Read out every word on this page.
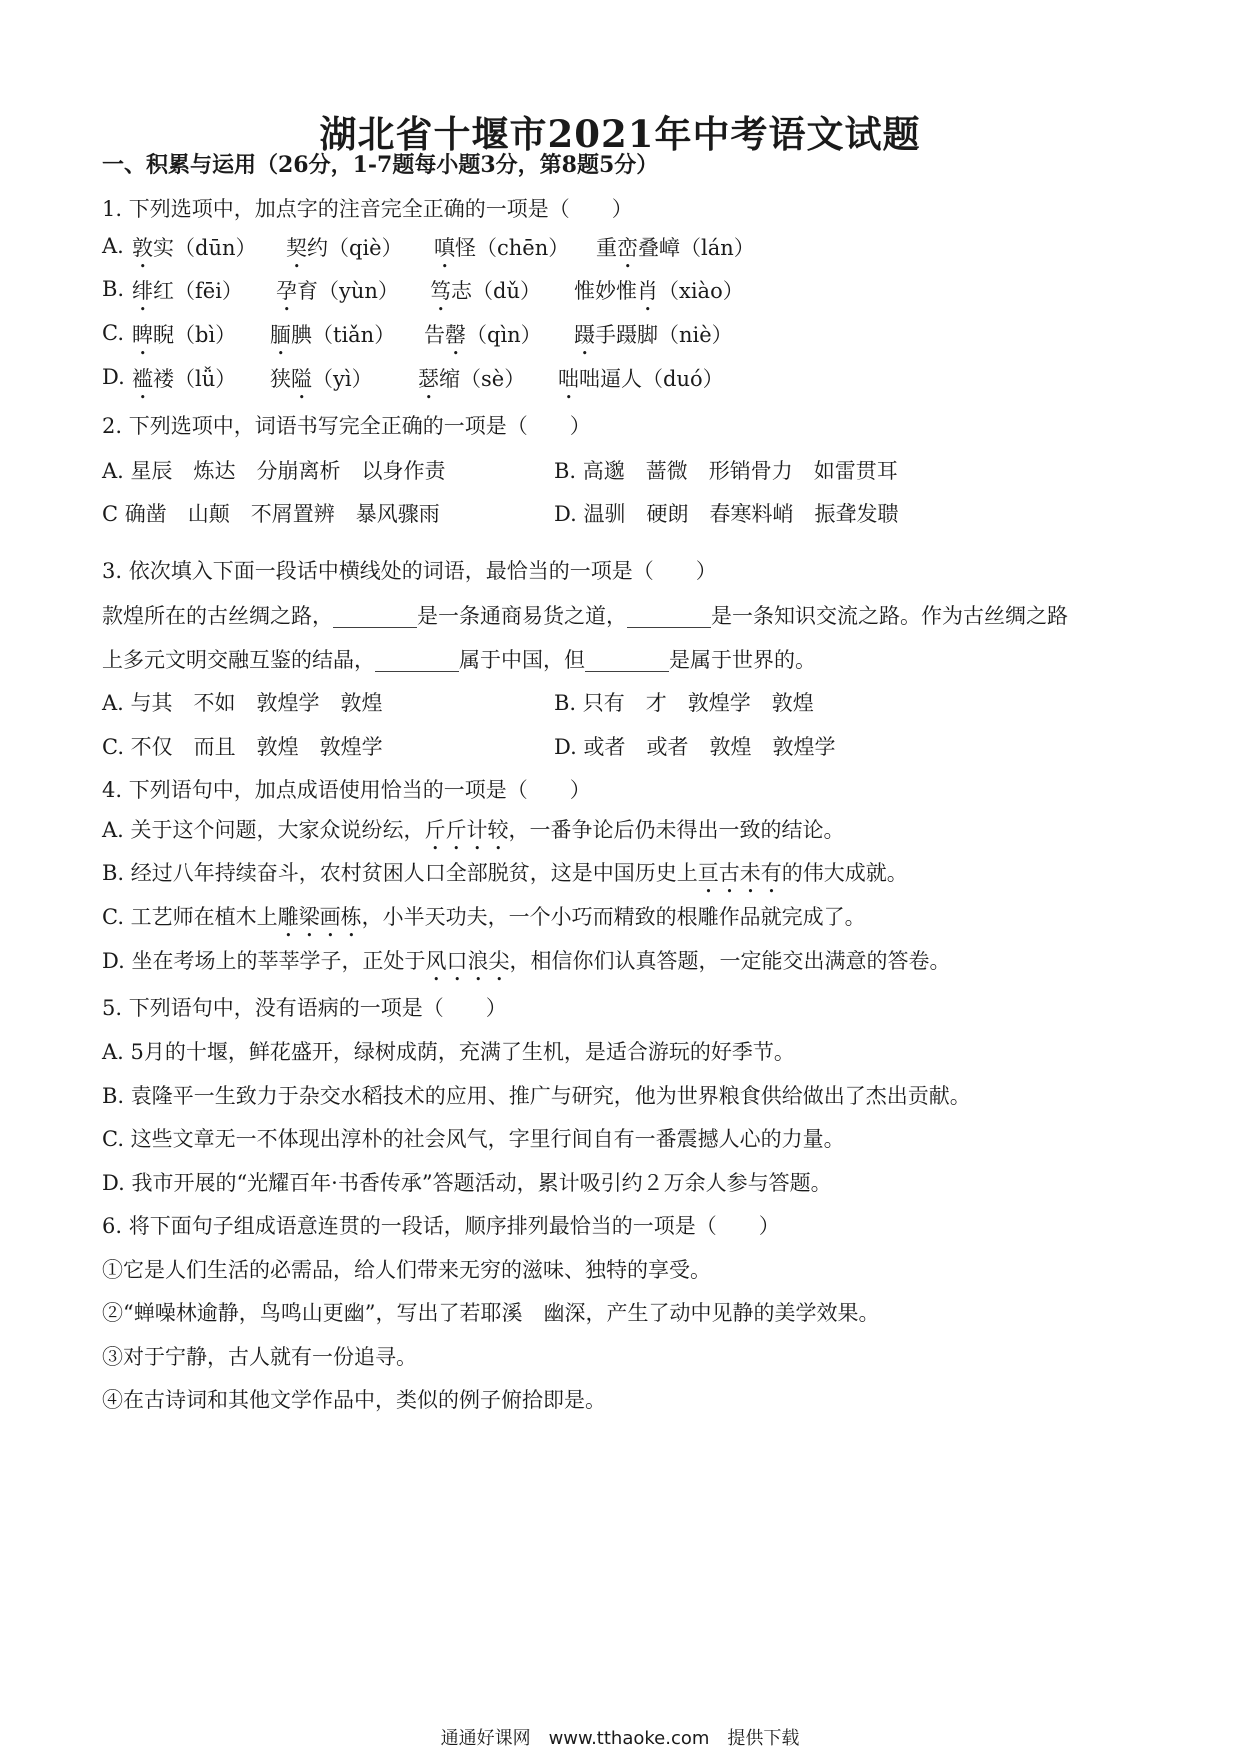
湖北省十堰市2021年中考语文试题
一、积累与运用（26分，1-7题每小题3分，第8题5分）
1. 下列选项中，加点字的注音完全正确的一项是（　　）
A. 敦实（dūn） 契约（qiè） 嗔怪（chēn） 重峦叠嶂（lán）
B. 绯红（fēi） 孕育（yùn） 笃志（dǔ） 惟妙惟肖（xiào）
C. 睥睨（bì） 腼腆（tiǎn） 告罄（qìn） 蹑手蹑脚（niè）
D. 褴褛（lǚ） 狭隘（yì） 瑟缩（sè） 咄咄逼人（duó）
2. 下列选项中，词语书写完全正确的一项是（　　）
A. 星辰　炼达　分崩离析　以身作责	B. 高邈　蔷微　形销骨力　如雷贯耳
C 确凿　山颠　不屑置辨　暴风骤雨	D. 温驯　硬朗　春寒料峭　振聋发聩
3. 依次填入下面一段话中横线处的词语，最恰当的一项是（　　）
款煌所在的古丝绸之路，________是一条通商易货之道，________是一条知识交流之路。作为古丝绸之路
上多元文明交融互鉴的结晶，________属于中国，但________是属于世界的。
A. 与其　不如　敦煌学　敦煌	B. 只有　才　敦煌学　敦煌
C. 不仅　而且　敦煌　敦煌学	D. 或者　或者　敦煌　敦煌学
4. 下列语句中，加点成语使用恰当的一项是（　　）
A. 关于这个问题，大家众说纷纭，斤斤计较，一番争论后仍未得出一致的结论。
B. 经过八年持续奋斗，农村贫困人口全部脱贫，这是中国历史上亘古未有的伟大成就。
C. 工艺师在植木上雕梁画栋，小半天功夫，一个小巧而精致的根雕作品就完成了。
D. 坐在考场上的莘莘学子，正处于风口浪尖，相信你们认真答题，一定能交出满意的答卷。
5. 下列语句中，没有语病的一项是（　　）
A. 5月的十堰，鲜花盛开，绿树成荫，充满了生机，是适合游玩的好季节。
B. 袁隆平一生致力于杂交水稻技术的应用、推广与研究，他为世界粮食供给做出了杰出贡献。
C. 这些文章无一不体现出淳朴的社会风气，字里行间自有一番震撼人心的力量。
D. 我市开展的“光耀百年·书香传承”答题活动，累计吸引约２万余人参与答题。
6. 将下面句子组成语意连贯的一段话，顺序排列最恰当的一项是（　　）
①它是人们生活的必需品，给人们带来无穷的滋味、独特的享受。
②“蝉噪林逾静，鸟鸣山更幽”，写出了若耶溪　幽深，产生了动中见静的美学效果。
③对于宁静，古人就有一份追寻。
④在古诗词和其他文学作品中，类似的例子俯拾即是。
通通好课网　www.tthaoke.com　提供下载
